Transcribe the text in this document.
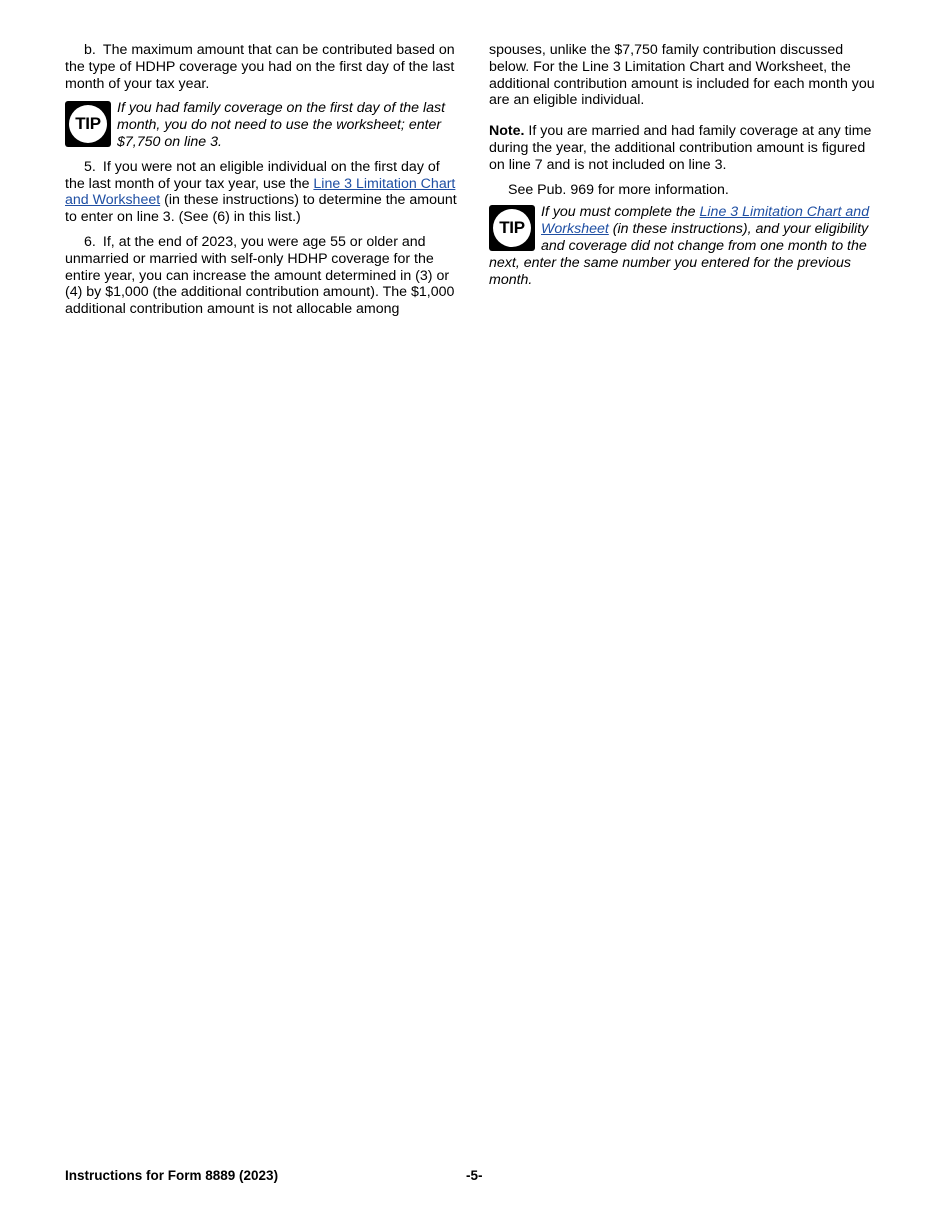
b. The maximum amount that can be contributed based on the type of HDHP coverage you had on the first day of the last month of your tax year.

TIP

If you had family coverage on the first day of the last month, you do not need to use the worksheet; enter $7,750 on line 3.

5. If you were not an eligible individual on the first day of the last month of your tax year, use the Line 3 Limitation Chart and Worksheet (in these instructions) to determine the amount to enter on line 3. (See (6) in this list.)

6. If, at the end of 2023, you were age 55 or older and unmarried or married with self-only HDHP coverage for the entire year, you can increase the amount determined in (3) or (4) by $1,000 (the additional contribution amount). The $1,000 additional contribution amount is not allocable among

spouses, unlike the $7,750 family contribution discussed below. For the Line 3 Limitation Chart and Worksheet, the additional contribution amount is included for each month you are an eligible individual.

Note. If you are married and had family coverage at any time during the year, the additional contribution amount is figured on line 7 and is not included on line 3.

See Pub. 969 for more information.

TIP

If you must complete the Line 3 Limitation Chart and Worksheet (in these instructions), and your eligibility and coverage did not change from one month to the next, enter the same number you entered for the previous month.

Instructions for Form 8889 (2023)	-5-
